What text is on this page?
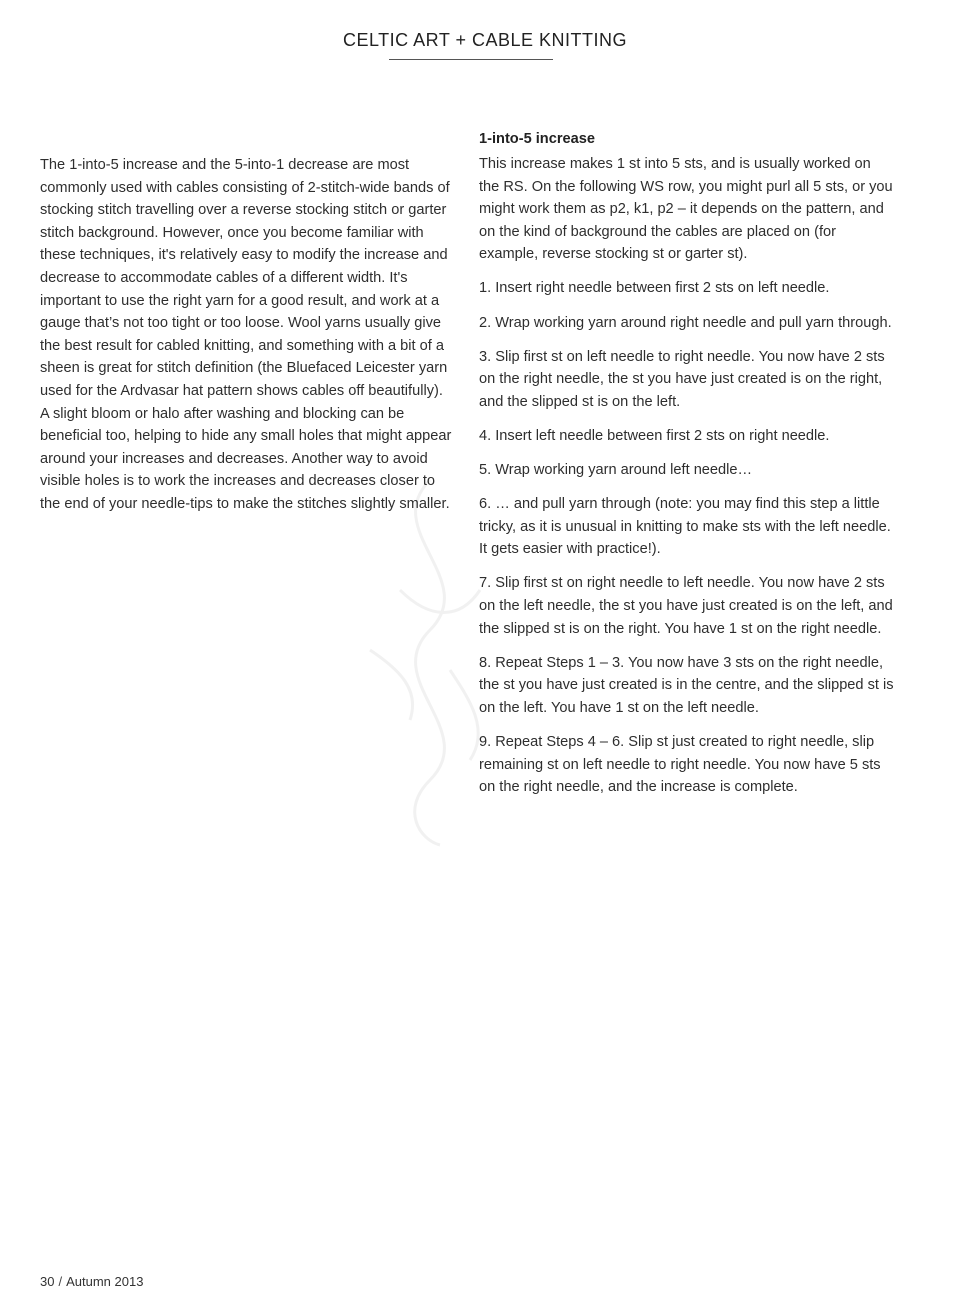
CELTIC ART + CABLE KNITTING

The 1-into-5 increase and the 5-into-1 decrease are most commonly used with cables consisting of 2-stitch-wide bands of stocking stitch travelling over a reverse stocking stitch or garter stitch background. However, once you become familiar with these techniques, it's relatively easy to modify the increase and decrease to accommodate cables of a different width. It's important to use the right yarn for a good result, and work at a gauge that’s not too tight or too loose. Wool yarns usually give the best result for cabled knitting, and something with a bit of a sheen is great for stitch definition (the Bluefaced Leicester yarn used for the Ardvasar hat pattern shows cables off beautifully). A slight bloom or halo after washing and blocking can be beneficial too, helping to hide any small holes that might appear around your increases and decreases. Another way to avoid visible holes is to work the increases and decreases closer to the end of your needle-tips to make the stitches slightly smaller.

1-into-5 increase

This increase makes 1 st into 5 sts, and is usually worked on the RS. On the following WS row, you might purl all 5 sts, or you might work them as p2, k1, p2 – it depends on the pattern, and on the kind of background the cables are placed on (for example, reverse stocking st or garter st).

1. Insert right needle between first 2 sts on left needle.

2. Wrap working yarn around right needle and pull yarn through.

3. Slip first st on left needle to right needle. You now have 2 sts on the right needle, the st you have just created is on the right, and the slipped st is on the left.

4. Insert left needle between first 2 sts on right needle.

5. Wrap working yarn around left needle…

6. … and pull yarn through (note: you may find this step a little tricky, as it is unusual in knitting to make sts with the left needle. It gets easier with practice!).

7. Slip first st on right needle to left needle. You now have 2 sts on the left needle, the st you have just created is on the left, and the slipped st is on the right. You have 1 st on the right needle.

8. Repeat Steps 1 – 3. You now have 3 sts on the right needle, the st you have just created is in the centre, and the slipped st is on the left. You have 1 st on the left needle.

9. Repeat Steps 4 – 6. Slip st just created to right needle, slip remaining st on left needle to right needle. You now have 5 sts on the right needle, and the increase is complete.

30 / Autumn 2013
